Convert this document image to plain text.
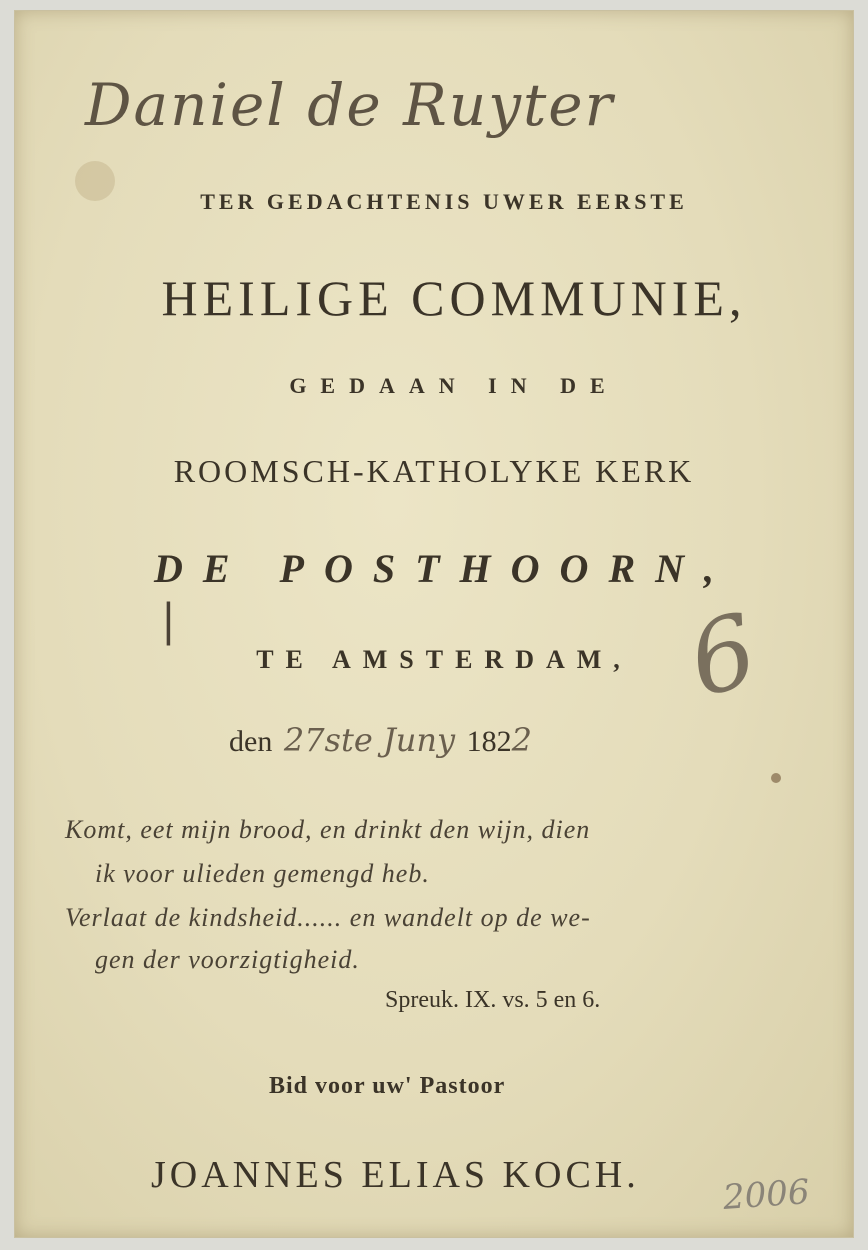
Daniel de Ruyter
TER GEDACHTENIS UWER EERSTE
HEILIGE COMMUNIE,
GEDAAN IN DE
ROOMSCH-KATHOLYKE KERK
DE POSTHOORN,
|
TE AMSTERDAM, 6
den 27ste Juny 1822
Komt, eet mijn brood, en drinkt den wijn, dien
ik voor ulieden gemengd heb.
Verlaat de kindsheid...... en wandelt op de we-
gen der voorzigtigheid.
Spreuk. IX. vs. 5 en 6.
Bid voor uw' Pastoor
JOANNES ELIAS KOCH. 2006
